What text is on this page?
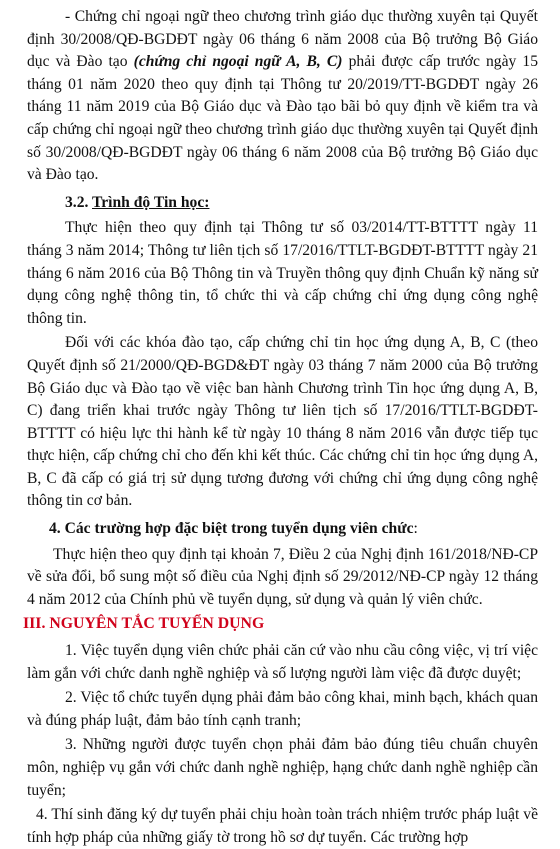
- Chứng chỉ ngoại ngữ theo chương trình giáo dục thường xuyên tại Quyết định 30/2008/QĐ-BGDĐT ngày 06 tháng 6 năm 2008 của Bộ trưởng Bộ Giáo dục và Đào tạo (chứng chỉ ngoại ngữ A, B, C) phải được cấp trước ngày 15 tháng 01 năm 2020 theo quy định tại Thông tư 20/2019/TT-BGDĐT ngày 26 tháng 11 năm 2019 của Bộ Giáo dục và Đào tạo bãi bỏ quy định về kiểm tra và cấp chứng chỉ ngoại ngữ theo chương trình giáo dục thường xuyên tại Quyết định số 30/2008/QĐ-BGDĐT ngày 06 tháng 6 năm 2008 của Bộ trưởng Bộ Giáo dục và Đào tạo.

3.2. Trình độ Tin học:

Thực hiện theo quy định tại Thông tư số 03/2014/TT-BTTTT ngày 11 tháng 3 năm 2014; Thông tư liên tịch số 17/2016/TTLT-BGDĐT-BTTTT ngày 21 tháng 6 năm 2016 của Bộ Thông tin và Truyền thông quy định Chuẩn kỹ năng sử dụng công nghệ thông tin, tổ chức thi và cấp chứng chỉ ứng dụng công nghệ thông tin.

Đối với các khóa đào tạo, cấp chứng chỉ tin học ứng dụng A, B, C (theo Quyết định số 21/2000/QĐ-BGD&ĐT ngày 03 tháng 7 năm 2000 của Bộ trưởng Bộ Giáo dục và Đào tạo về việc ban hành Chương trình Tin học ứng dụng A, B, C) đang triển khai trước ngày Thông tư liên tịch số 17/2016/TTLT-BGDĐT-BTTTT có hiệu lực thi hành kể từ ngày 10 tháng 8 năm 2016 vẫn được tiếp tục thực hiện, cấp chứng chỉ cho đến khi kết thúc. Các chứng chỉ tin học ứng dụng A, B, C đã cấp có giá trị sử dụng tương đương với chứng chỉ ứng dụng công nghệ thông tin cơ bản.

4. Các trường hợp đặc biệt trong tuyển dụng viên chức:

Thực hiện theo quy định tại khoản 7, Điều 2 của Nghị định 161/2018/NĐ-CP về sửa đổi, bổ sung một số điều của Nghị định số 29/2012/NĐ-CP ngày 12 tháng 4 năm 2012 của Chính phủ về tuyển dụng, sử dụng và quản lý viên chức.

III. NGUYÊN TẮC TUYỂN DỤNG

1. Việc tuyển dụng viên chức phải căn cứ vào nhu cầu công việc, vị trí việc làm gắn với chức danh nghề nghiệp và số lượng người làm việc đã được duyệt;

2. Việc tổ chức tuyển dụng phải đảm bảo công khai, minh bạch, khách quan và đúng pháp luật, đảm bảo tính cạnh tranh;

3. Những người được tuyển chọn phải đảm bảo đúng tiêu chuẩn chuyên môn, nghiệp vụ gắn với chức danh nghề nghiệp, hạng chức danh nghề nghiệp cần tuyển;

4. Thí sinh đăng ký dự tuyển phải chịu hoàn toàn trách nhiệm trước pháp luật về tính hợp pháp của những giấy tờ trong hồ sơ dự tuyển. Các trường hợp
